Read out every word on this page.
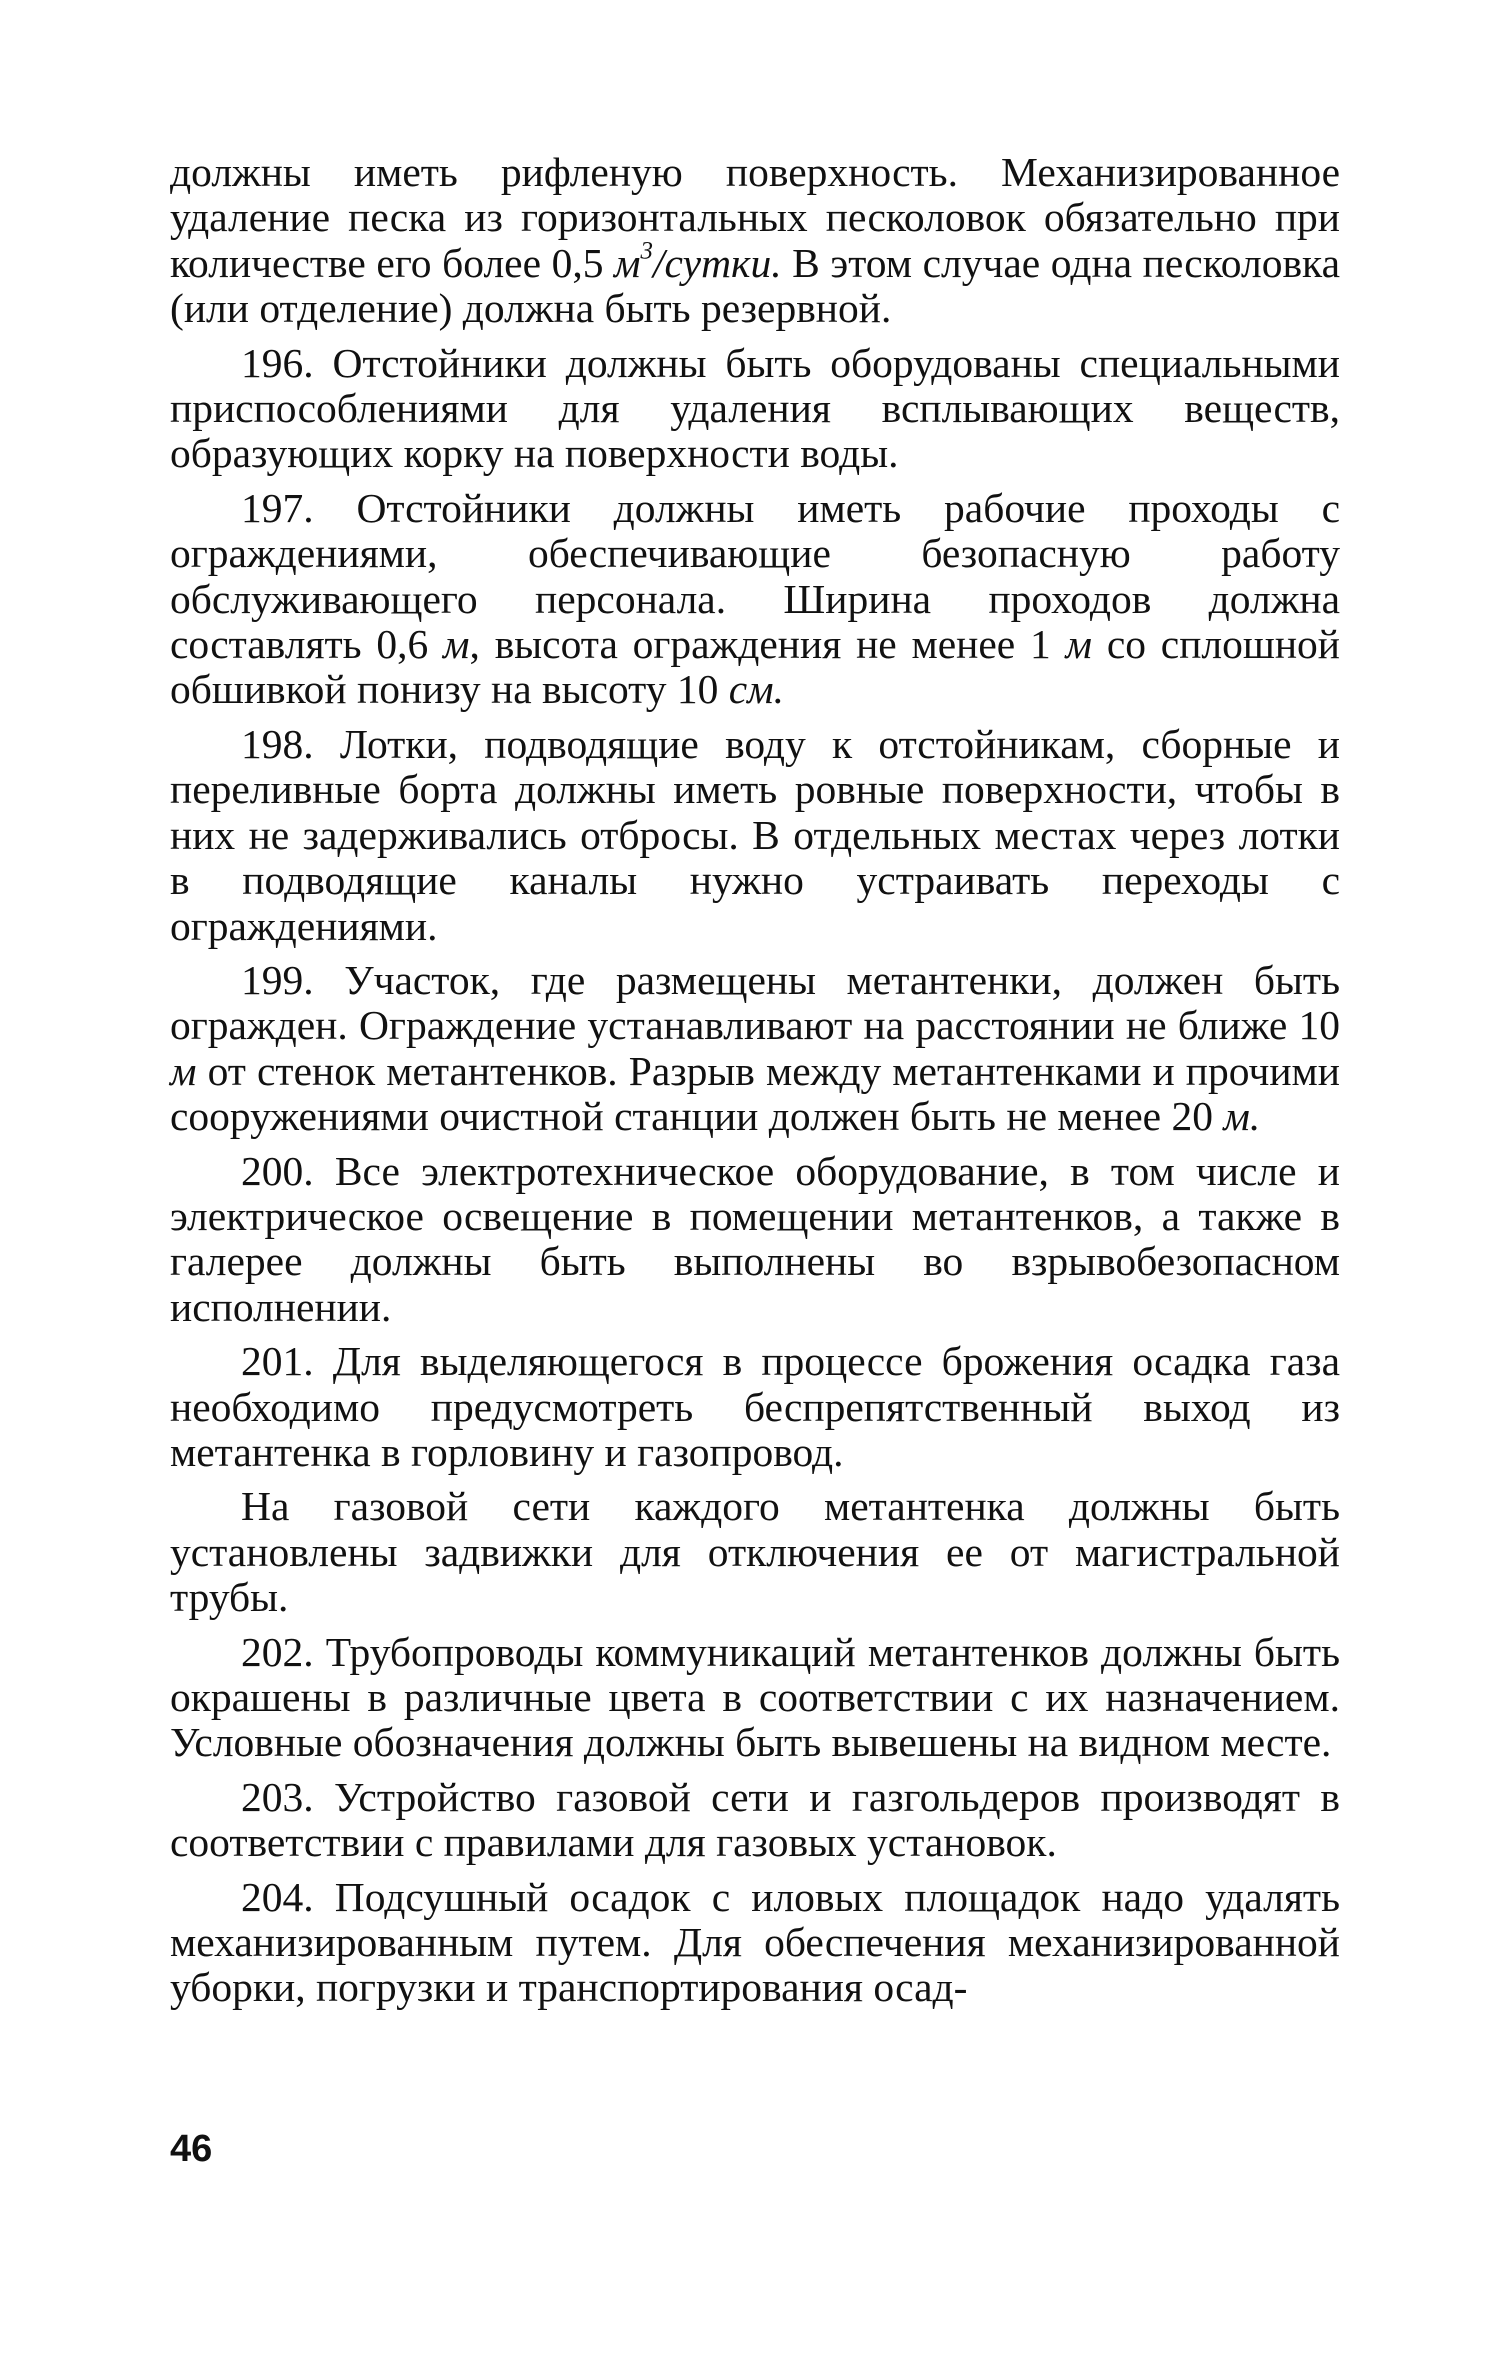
должны иметь рифленую поверхность. Механизированное удаление песка из горизонтальных песколовок обязательно при количестве его более 0,5 $м^3$/сутки. В этом случае одна песколовка (или отделение) должна быть резервной.

196. Отстойники должны быть оборудованы специальными приспособлениями для удаления всплывающих веществ, образующих корку на поверхности воды.

197. Отстойники должны иметь рабочие проходы с ограждениями, обеспечивающие безопасную работу обслуживающего персонала. Ширина проходов должна составлять 0,6 м, высота ограждения не менее 1 м со сплошной обшивкой понизу на высоту 10 см.

198. Лотки, подводящие воду к отстойникам, сборные и переливные борта должны иметь ровные поверхности, чтобы в них не задерживались отбросы. В отдельных местах через лотки в подводящие каналы нужно устраивать переходы с ограждениями.

199. Участок, где размещены метантенки, должен быть огражден. Ограждение устанавливают на расстоянии не ближе 10 м от стенок метантенков. Разрыв между метантенками и прочими сооружениями очистной станции должен быть не менее 20 м.

200. Все электротехническое оборудование, в том числе и электрическое освещение в помещении метантенков, а также в галерее должны быть выполнены во взрывобезопасном исполнении.

201. Для выделяющегося в процессе брожения осадка газа необходимо предусмотреть беспрепятственный выход из метантенка в горловину и газопровод.

На газовой сети каждого метантенка должны быть установлены задвижки для отключения ее от магистральной трубы.

202. Трубопроводы коммуникаций метантенков должны быть окрашены в различные цвета в соответствии с их назначением. Условные обозначения должны быть вывешены на видном месте.

203. Устройство газовой сети и газгольдеров производят в соответствии с правилами для газовых установок.

204. Подсушный осадок с иловых площадок надо удалять механизированным путем. Для обеспечения механизированной уборки, погрузки и транспортирования осад-

46
